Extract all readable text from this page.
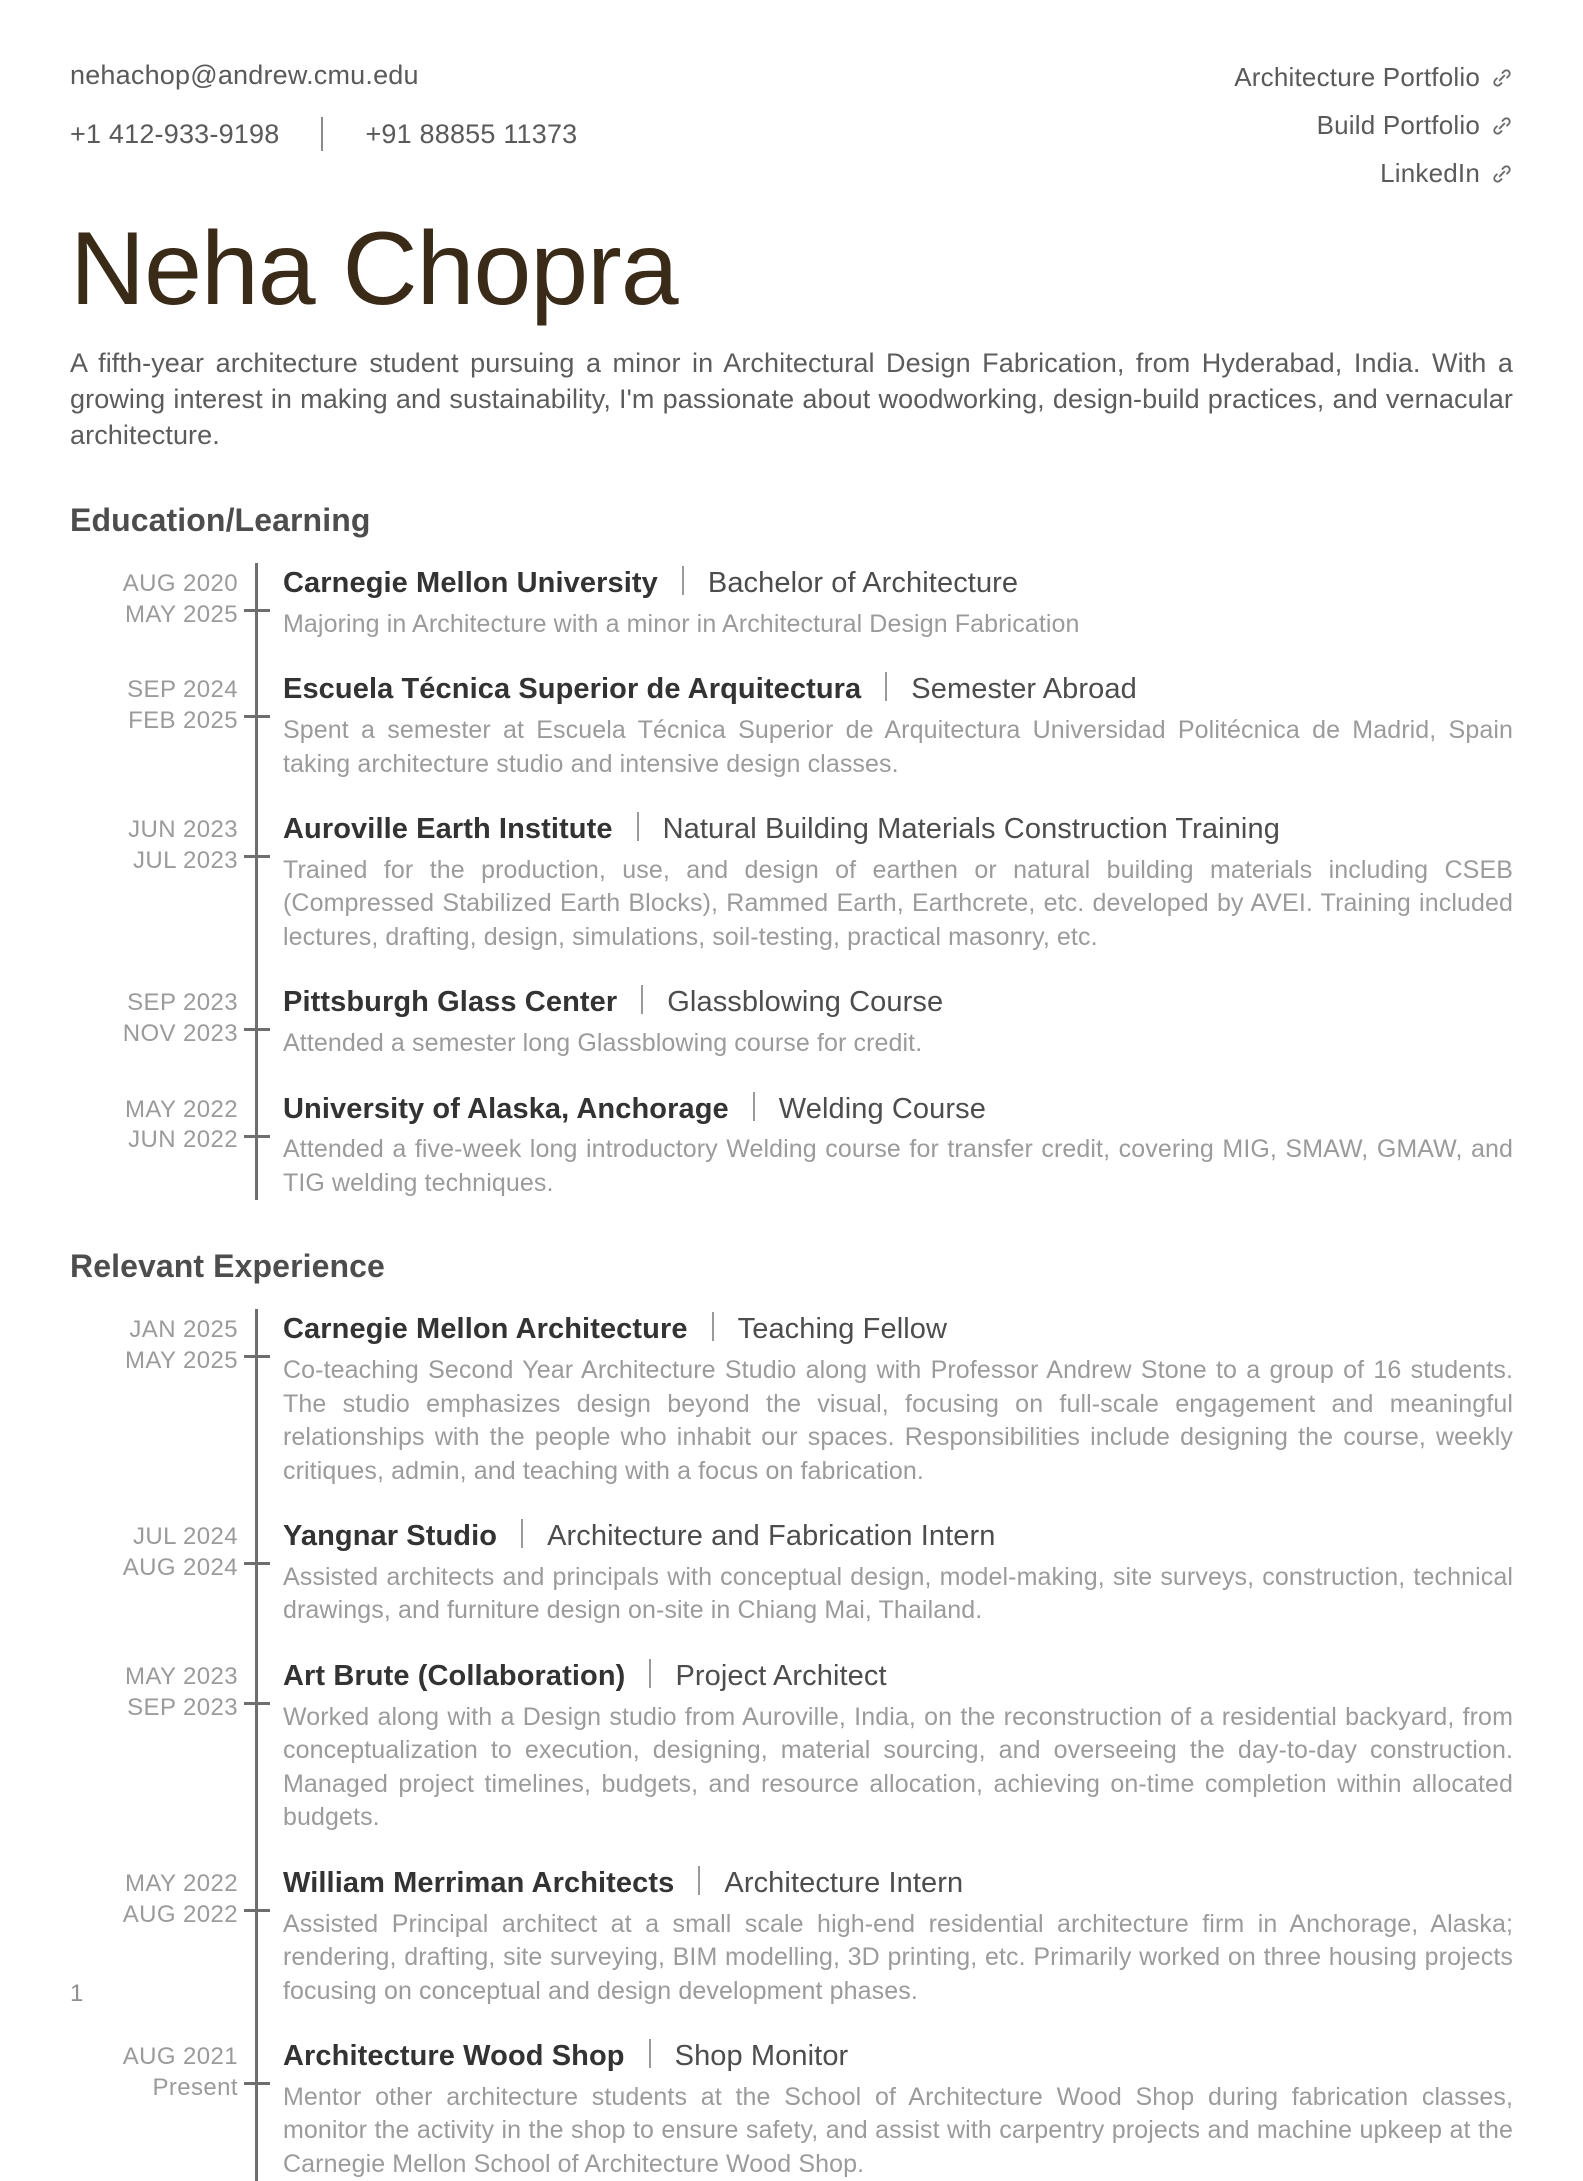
nehachop@andrew.cmu.edu
+1 412-933-9198	+91 88855 11373
Architecture Portfolio
Build Portfolio
LinkedIn
Neha Chopra

A fifth-year architecture student pursuing a minor in Architectural Design Fabrication, from Hyderabad, India. With a growing interest in making and sustainability, I'm passionate about woodworking, design-build practices, and vernacular architecture.

Education/Learning
AUG 2020
MAY 2025
Carnegie Mellon University Bachelor of Architecture
Majoring in Architecture with a minor in Architectural Design Fabrication
SEP 2024
FEB 2025
Escuela Técnica Superior de Arquitectura Semester Abroad
Spent a semester at Escuela Técnica Superior de Arquitectura Universidad Politécnica de Madrid, Spain taking architecture studio and intensive design classes.
JUN 2023
JUL 2023
Auroville Earth Institute Natural Building Materials Construction Training
Trained for the production, use, and design of earthen or natural building materials including CSEB (Compressed Stabilized Earth Blocks), Rammed Earth, Earthcrete, etc. developed by AVEI. Training included lectures, drafting, design, simulations, soil-testing, practical masonry, etc.
SEP 2023
NOV 2023
Pittsburgh Glass Center Glassblowing Course
Attended a semester long Glassblowing course for credit.
MAY 2022
JUN 2022
University of Alaska, Anchorage Welding Course
Attended a five-week long introductory Welding course for transfer credit, covering MIG, SMAW, GMAW, and TIG welding techniques.
Relevant Experience
JAN 2025
MAY 2025
Carnegie Mellon Architecture Teaching Fellow
Co-teaching Second Year Architecture Studio along with Professor Andrew Stone to a group of 16 students. The studio emphasizes design beyond the visual, focusing on full-scale engagement and meaningful relationships with the people who inhabit our spaces. Responsibilities include designing the course, weekly critiques, admin, and teaching with a focus on fabrication.
JUL 2024
AUG 2024
Yangnar Studio Architecture and Fabrication Intern
Assisted architects and principals with conceptual design, model-making, site surveys, construction, technical drawings, and furniture design on-site in Chiang Mai, Thailand.
MAY 2023
SEP 2023
Art Brute (Collaboration) Project Architect
Worked along with a Design studio from Auroville, India, on the reconstruction of a residential backyard, from conceptualization to execution, designing, material sourcing, and overseeing the day-to-day construction. Managed project timelines, budgets, and resource allocation, achieving on-time completion within allocated budgets.
MAY 2022
AUG 2022
William Merriman Architects Architecture Intern
Assisted Principal architect at a small scale high-end residential architecture firm in Anchorage, Alaska; rendering, drafting, site surveying, BIM modelling, 3D printing, etc. Primarily worked on three housing projects focusing on conceptual and design development phases.
AUG 2021
Present
Architecture Wood Shop Shop Monitor
Mentor other architecture students at the School of Architecture Wood Shop during fabrication classes, monitor the activity in the shop to ensure safety, and assist with carpentry projects and machine upkeep at the Carnegie Mellon School of Architecture Wood Shop.
1
